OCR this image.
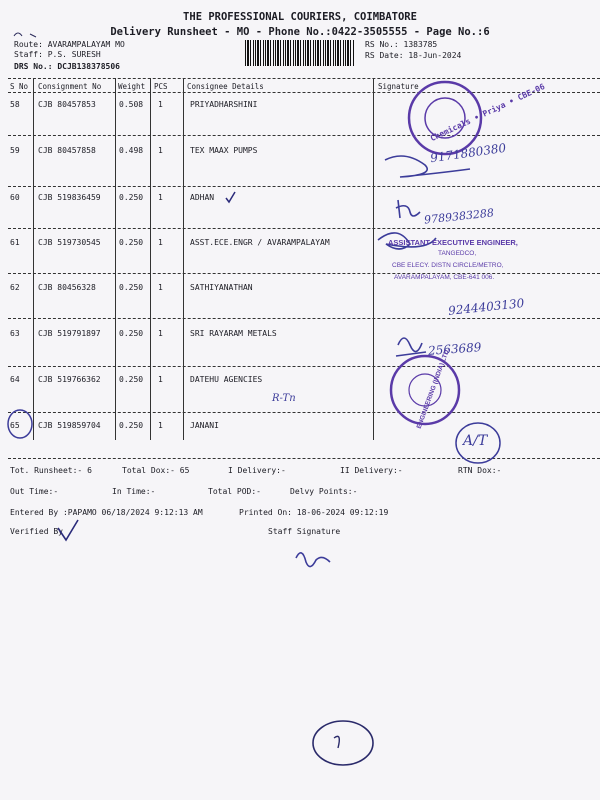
THE PROFESSIONAL COURIERS, COIMBATORE
Delivery Runsheet - MO - Phone No.:0422-3505555 - Page No.:6
Route: AVARAMPALAYAM MO
Staff: P.S. SURESH
DRS No.: DCJB138378506
RS No.: 1383785
RS Date: 18-Jun-2024
S No Consignment No Weight PCS	Consignee Details	Signature
58 CJB 80457853	0.508 1	PRIYADHARSHINI
59 CJB 80457858	0.498 1	TEX MAAX PUMPS
60 CJB 519836459 0.250 1	ADHAN
61 CJB 519730545 0.250 1	ASST.ECE.ENGR / AVARAMPALAYAM
62 CJB 80456328	0.250 1	SATHIYANATHAN
63 CJB 519791897 0.250 1	SRI RAYARAM METALS
64 CJB 519766362 0.250 1	DATEHU AGENCIES
65 CJB 519859704 0.250 1	JANANI
Tot. Runsheet:- 6	Total Dox:- 65	I Delivery:-	II Delivery:-	RTN Dox:-
Out Time:-	In Time:-	Total POD:-	Delvy Points:-
Entered By :PAPAMO 06/18/2024 9:12:13 AM	Printed On: 18-06-2024 09:12:19
Verified By	Staff Signature
Chemicals • Priya • CBE-06
9171880380
9789383288
ASSISTANT EXECUTIVE ENGINEER,
TANGEDCO,
CBE ELECY. DISTN CIRCLE/METRO,
AVARAMPALAYAM, CBE-641 006.
9244403130
2563689
R-Tn	ENGINEERING (INDIA) LTD.
A/T
